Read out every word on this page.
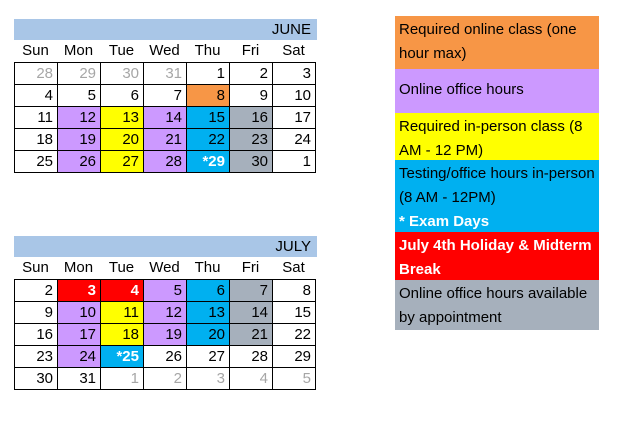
JUNE
Sun	Mon	Tue	Wed Thu	Fri	Sat
28	29	30	31	1	2	3
4	5	6	7	8	9	10
11	12	13	14	15	16	17
18	19	20	21	22	23	24
25	26	27	28	*29	30	1
JULY
Sun	Mon	Tue	Wed Thu	Fri	Sat
2	3	4	5	6	7	8
9	10	11	12	13	14	15
16	17	18	19	20	21	22
23	24	*25	26	27	28	29
30	31	1	2	3	4	5
Required online class (one hour max)
Online office hours
Required in-person class (8 AM - 12 PM)
Testing/office hours in-person (8 AM - 12PM)
* Exam Days
July 4th Holiday & Midterm Break
Online office hours available by appointment
